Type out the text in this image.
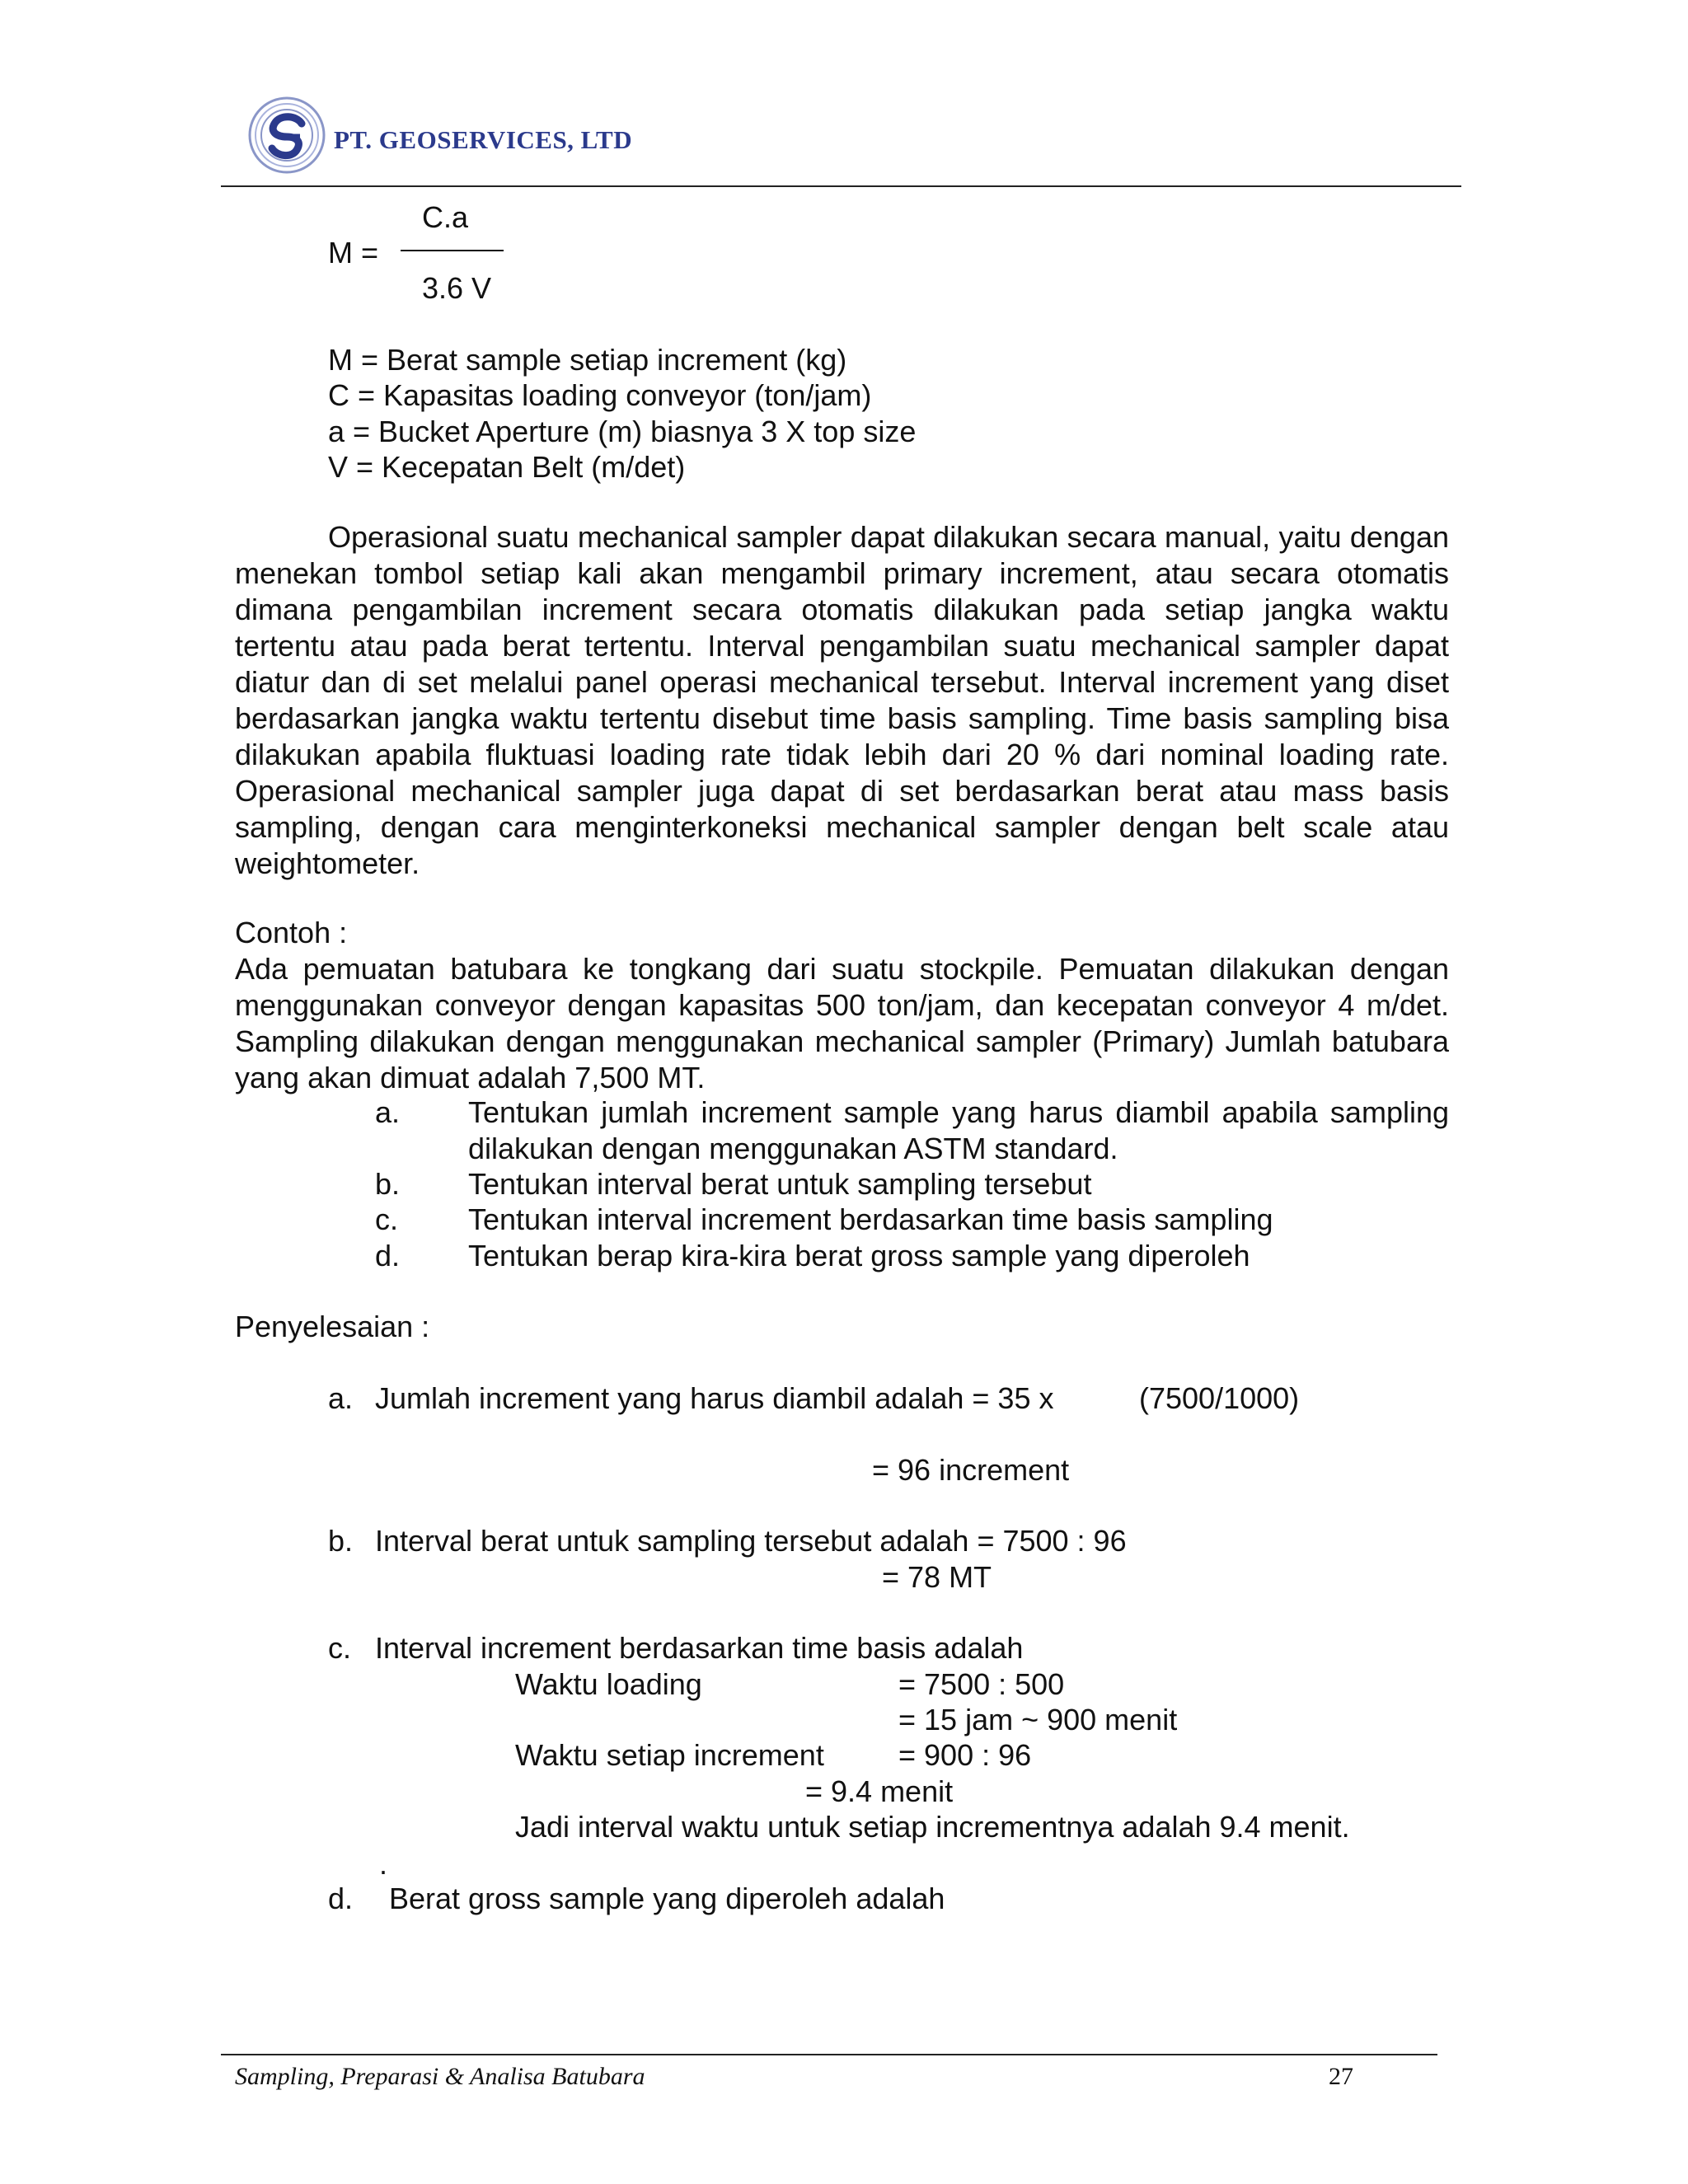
PT. GEOSERVICES, LTD
C.a
M =
3.6 V
M = Berat sample setiap increment (kg)
C = Kapasitas loading conveyor (ton/jam)
a = Bucket Aperture (m) biasnya 3 X top size
V = Kecepatan Belt (m/det)
Operasional suatu mechanical sampler dapat dilakukan secara manual, yaitu dengan menekan tombol setiap kali akan mengambil primary increment, atau secara otomatis dimana pengambilan increment secara otomatis dilakukan pada setiap jangka waktu tertentu atau pada berat tertentu. Interval pengambilan suatu mechanical sampler dapat diatur dan di set melalui panel operasi mechanical tersebut. Interval increment yang diset berdasarkan jangka waktu tertentu disebut time basis sampling. Time basis sampling bisa dilakukan apabila fluktuasi loading rate tidak lebih dari 20 % dari nominal loading rate. Operasional mechanical sampler juga dapat di set berdasarkan berat atau mass basis sampling, dengan cara menginterkoneksi mechanical sampler dengan belt scale atau weightometer.
Contoh :
Ada pemuatan batubara ke tongkang dari suatu stockpile. Pemuatan dilakukan dengan menggunakan conveyor dengan kapasitas 500 ton/jam, dan kecepatan conveyor 4 m/det. Sampling dilakukan dengan menggunakan mechanical sampler (Primary) Jumlah batubara yang akan dimuat adalah 7,500 MT.
a. Tentukan jumlah increment sample yang harus diambil apabila sampling dilakukan dengan menggunakan ASTM standard.
b. Tentukan interval berat untuk sampling tersebut
c. Tentukan interval increment berdasarkan time basis sampling
d. Tentukan berap kira-kira berat gross sample yang diperoleh
Penyelesaian :
a. Jumlah increment yang harus diambil adalah = 35 x	(7500/1000)
= 96 increment
b. Interval berat untuk sampling tersebut adalah = 7500 : 96
= 78 MT
c. Interval increment berdasarkan time basis adalah
Waktu loading	= 7500 : 500
= 15 jam ~ 900 menit
Waktu setiap increment	= 900 : 96
= 9.4 menit
Jadi interval waktu untuk setiap incrementnya adalah 9.4 menit.
.
d. Berat gross sample yang diperoleh adalah
Sampling, Preparasi & Analisa Batubara	27
